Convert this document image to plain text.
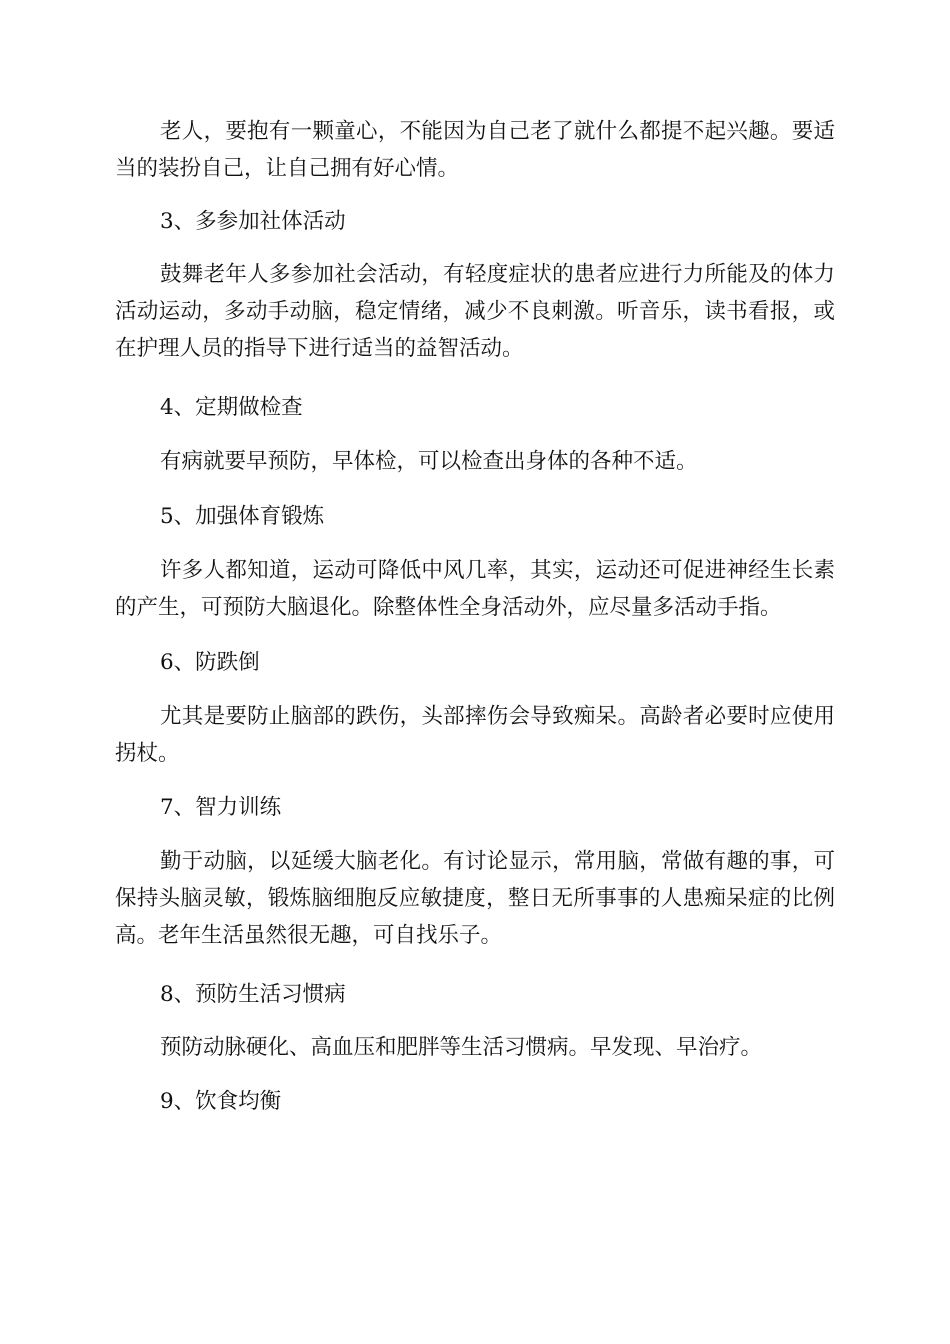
老人，要抱有一颗童心，不能因为自己老了就什么都提不起兴趣。要适当的装扮自己，让自己拥有好心情。

3、多参加社体活动

鼓舞老年人多参加社会活动，有轻度症状的患者应进行力所能及的体力活动运动，多动手动脑，稳定情绪，减少不良刺激。听音乐，读书看报，或在护理人员的指导下进行适当的益智活动。

4、定期做检查

有病就要早预防，早体检，可以检查出身体的各种不适。

5、加强体育锻炼

许多人都知道，运动可降低中风几率，其实，运动还可促进神经生长素的产生，可预防大脑退化。除整体性全身活动外，应尽量多活动手指。

6、防跌倒

尤其是要防止脑部的跌伤，头部摔伤会导致痴呆。高龄者必要时应使用拐杖。

7、智力训练

勤于动脑，以延缓大脑老化。有讨论显示，常用脑，常做有趣的事，可保持头脑灵敏，锻炼脑细胞反应敏捷度，整日无所事事的人患痴呆症的比例高。老年生活虽然很无趣，可自找乐子。

8、预防生活习惯病

预防动脉硬化、高血压和肥胖等生活习惯病。早发现、早治疗。

9、饮食均衡
